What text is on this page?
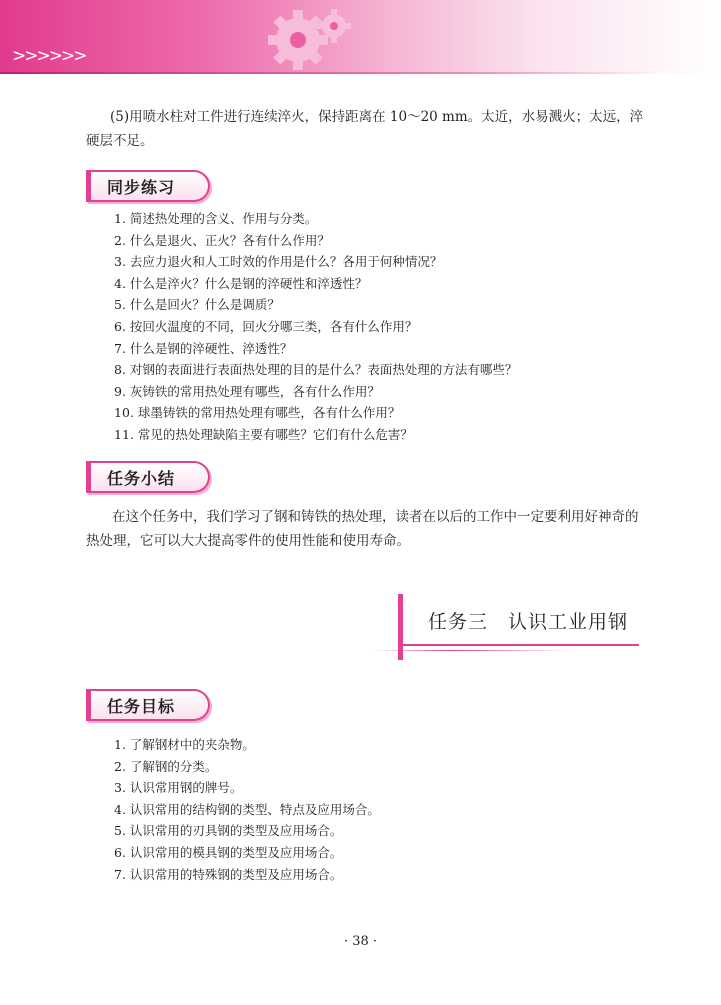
>>>>>>

(5)用喷水柱对工件进行连续淬火，保持距离在 10～20 mm。太近，水易溅火；太远，淬硬层不足。

同步练习
1. 简述热处理的含义、作用与分类。
2. 什么是退火、正火？各有什么作用？
3. 去应力退火和人工时效的作用是什么？各用于何种情况？
4. 什么是淬火？什么是钢的淬硬性和淬透性？
5. 什么是回火？什么是调质？
6. 按回火温度的不同，回火分哪三类，各有什么作用？
7. 什么是钢的淬硬性、淬透性？
8. 对钢的表面进行表面热处理的目的是什么？表面热处理的方法有哪些？
9. 灰铸铁的常用热处理有哪些，各有什么作用？
10. 球墨铸铁的常用热处理有哪些，各有什么作用？
11. 常见的热处理缺陷主要有哪些？它们有什么危害？
任务小结

在这个任务中，我们学习了钢和铸铁的热处理，读者在以后的工作中一定要利用好神奇的热处理，它可以大大提高零件的使用性能和使用寿命。

任务三　认识工业用钢
任务目标
1. 了解钢材中的夹杂物。
2. 了解钢的分类。
3. 认识常用钢的牌号。
4. 认识常用的结构钢的类型、特点及应用场合。
5. 认识常用的刃具钢的类型及应用场合。
6. 认识常用的模具钢的类型及应用场合。
7. 认识常用的特殊钢的类型及应用场合。
· 38 ·
